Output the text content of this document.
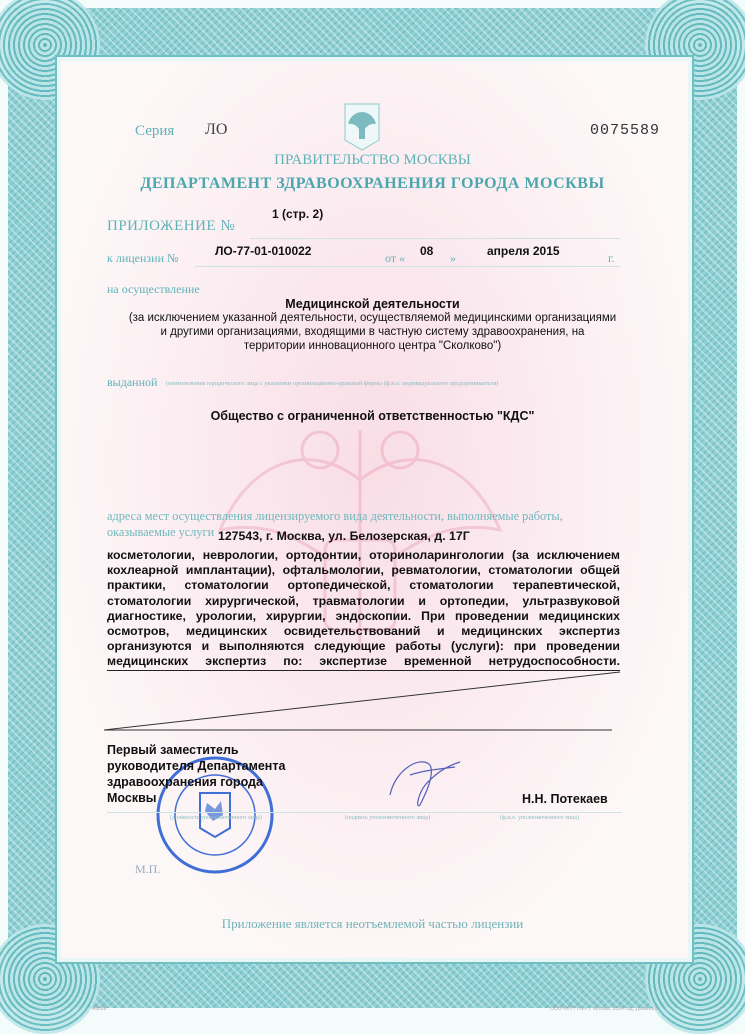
Серия ЛО	0075589
ПРАВИТЕЛЬСТВО МОСКВЫ
ДЕПАРТАМЕНТ ЗДРАВООХРАНЕНИЯ ГОРОДА МОСКВЫ
ПРИЛОЖЕНИЕ №
1 (стр. 2)
к лицензии №	ЛО-77-01-010022	от « 08 »	апреля 2015	г.
на осуществление
Медицинской деятельности
(за исключением указанной деятельности, осуществляемой медицинскими организациями
и другими организациями, входящими в частную систему здравоохранения, на
территории инновационного центра "Сколково")
выданной (наименование юридического лица с указанием организационно-правовой формы (ф.и.о. индивидуального предпринимателя)
Общество с ограниченной ответственностью "КДС"
адреса мест осуществления лицензируемого вида деятельности, выполняемые работы,
оказываемые услуги 127543, г. Москва, ул. Белозерская, д. 17Г
косметологии, неврологии, ортодонтии, оториноларингологии (за исключением
кохлеарной имплантации), офтальмологии, ревматологии, стоматологии общей
практики, стоматологии ортопедической, стоматологии терапевтической,
стоматологии хирургической, травматологии и ортопедии, ультразвуковой
диагностике, урологии, хирургии, эндоскопии. При проведении медицинских
осмотров, медицинских освидетельствований и медицинских экспертиз
организуются и выполняются следующие работы (услуги): при проведении
медицинских экспертиз по: экспертизе временной нетрудоспособности.
Первый заместитель
руководителя Департамента
здравоохранения города
Москвы	Н.Н. Потекаев
(должность уполномоченного лица)	(подпись уполномоченного лица)	(ф.и.о. уполномоченного лица)
М.П.
Приложение является неотъемлемой частью лицензии
А3028	ООО «ИТТ ПМ» г. Москва, 2014 год, уровень Б
